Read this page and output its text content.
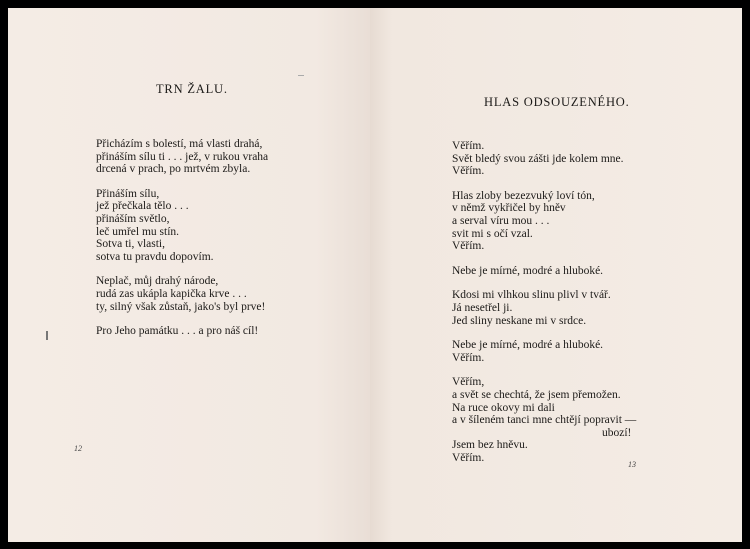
TRN ŽALU.
Přicházím s bolestí, má vlasti drahá,
přináším sílu ti . . . jež, v rukou vraha
drcená v prach, po mrtvém zbyla.
Přináším sílu,
jež přečkala tělo . . .
přináším světlo,
leč umřel mu stín.
Sotva ti, vlasti,
sotva tu pravdu dopovím.
Neplač, můj drahý národe,
rudá zas ukápla kapička krve . . .
ty, silný však zůstaň, jako's byl prve!
Pro Jeho památku . . . a pro náš cíl!
12
HLAS ODSOUZENÉHO.
Věřím.
Svět bledý svou zášti jde kolem mne.
Věřím.
Hlas zloby bezezvuký loví tón,
v němž vykřičel by hněv
a serval víru mou . . .
svit mi s očí vzal.
Věřím.
Nebe je mírné, modré a hluboké.
Kdosi mi vlhkou slinu plivl v tvář.
Já nesetřel ji.
Jed sliny neskane mi v srdce.
Nebe je mírné, modré a hluboké.
Věřím.
Věřím,
a svět se chechtá, že jsem přemožen.
Na ruce okovy mi dali
a v šíleném tanci mne chtějí popravit —
ubozí!
Jsem bez hněvu.
Věřím.
13
